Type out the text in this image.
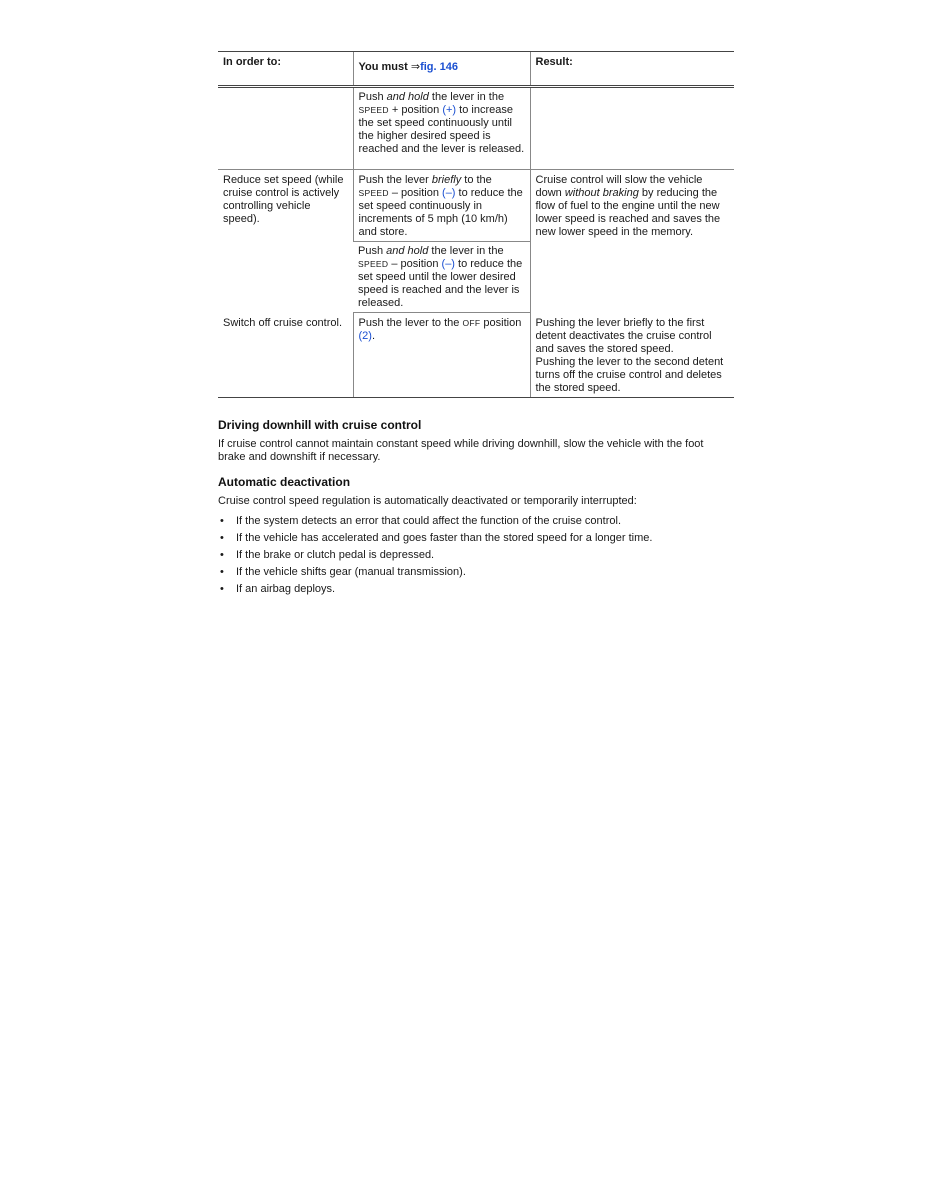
In order to:	You must ⇒fig. 146	Result:
	Push and hold the lever in the SPEED + position (+) to increase the set speed continuously until the higher desired speed is reached and the lever is released.	
Reduce set speed (while cruise control is actively controlling vehicle speed).	Push the lever briefly to the SPEED – position (–) to reduce the set speed continuously in increments of 5 mph (10 km/h) and store.	Cruise control will slow the vehicle down without braking by reducing the flow of fuel to the engine until the new lower speed is reached and saves the new lower speed in the memory.
	Push and hold the lever in the SPEED – position (–) to reduce the set speed until the lower desired speed is reached and the lever is released.	
Switch off cruise control.	Push the lever to the OFF position (2).	Pushing the lever briefly to the first detent deactivates the cruise control and saves the stored speed.
Pushing the lever to the second detent turns off the cruise control and deletes the stored speed.
Driving downhill with cruise control

If cruise control cannot maintain constant speed while driving downhill, slow the vehicle with the foot brake and downshift if necessary.

Automatic deactivation

Cruise control speed regulation is automatically deactivated or temporarily interrupted:

• If the system detects an error that could affect the function of the cruise control.
• If the vehicle has accelerated and goes faster than the stored speed for a longer time.
• If the brake or clutch pedal is depressed.
• If the vehicle shifts gear (manual transmission).
• If an airbag deploys.
